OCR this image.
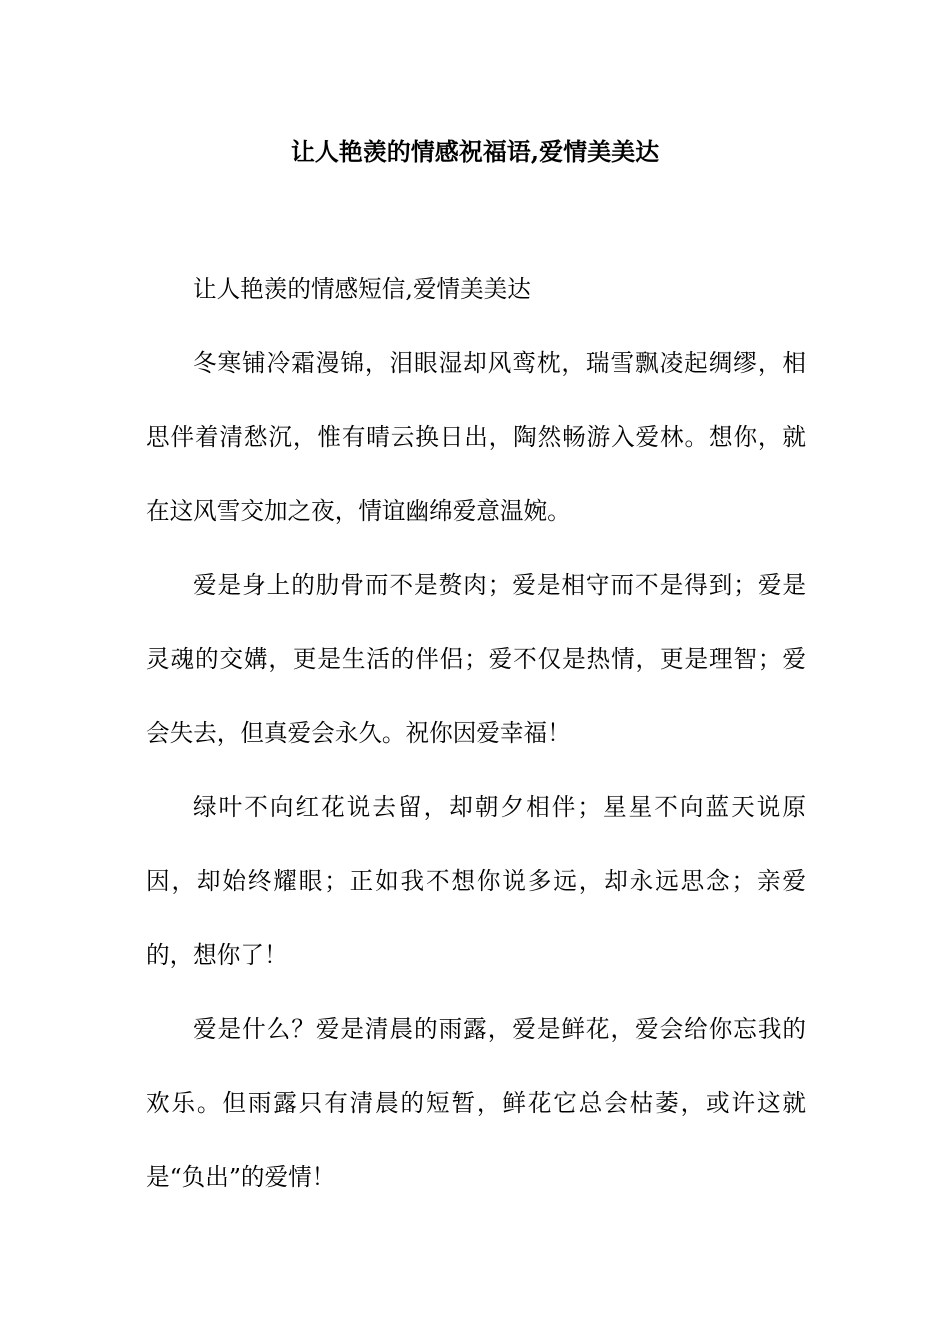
让人艳羡的情感祝福语,爱情美美达

让人艳羡的情感短信,爱情美美达

冬寒铺冷霜漫锦，泪眼湿却风鸾枕，瑞雪飘凌起绸缪，相思伴着清愁沉，惟有晴云换日出，陶然畅游入爱林。想你，就在这风雪交加之夜，情谊幽绵爱意温婉。

爱是身上的肋骨而不是赘肉；爱是相守而不是得到；爱是灵魂的交媾，更是生活的伴侣；爱不仅是热情，更是理智；爱会失去，但真爱会永久。祝你因爱幸福！

绿叶不向红花说去留，却朝夕相伴；星星不向蓝天说原因，却始终耀眼；正如我不想你说多远，却永远思念；亲爱的，想你了！

爱是什么？爱是清晨的雨露，爱是鲜花，爱会给你忘我的欢乐。但雨露只有清晨的短暂，鲜花它总会枯萎，或许这就是“负出”的爱情！
